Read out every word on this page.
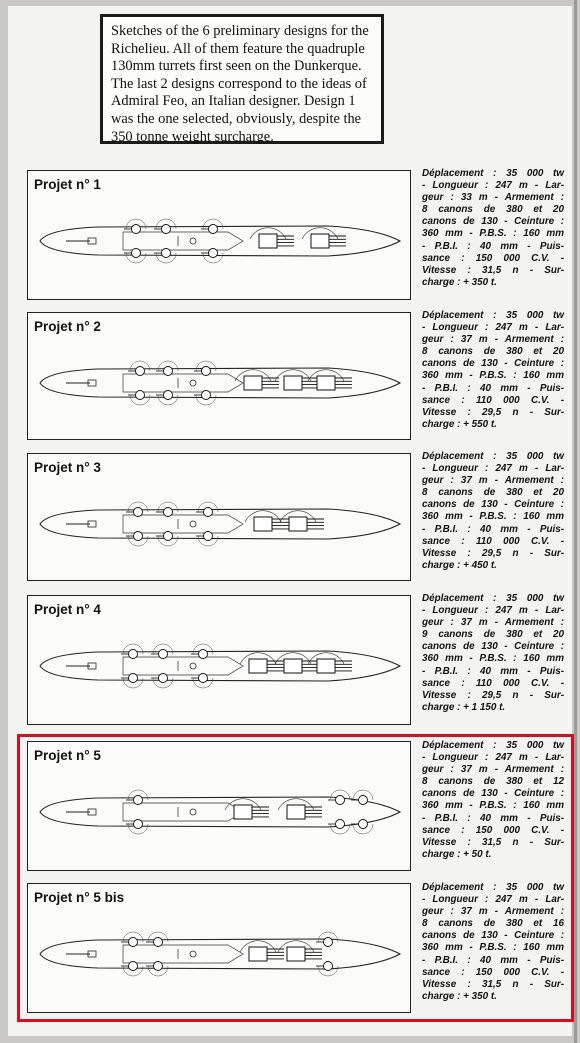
Sketches of the 6 preliminary designs for the
Richelieu. All of them feature the quadruple
130mm turrets first seen on the Dunkerque.
The last 2 designs correspond to the ideas of
Admiral Feo, an Italian designer. Design 1
was the one selected, obviously, despite the
350 tonne weight surcharge.
Projet n° 1
Projet n° 2
Projet n° 3
Projet n° 4
Projet n° 5
Projet n° 5 bis
Déplacement : 35 000 tw
- Longueur : 247 m - Lar-
geur : 33 m - Armement :
8 canons de 380 et 20
canons de 130 - Ceinture :
360 mm - P.B.S. : 160 mm
- P.B.I. : 40 mm - Puis-
sance : 150 000 C.V. -
Vitesse : 31,5 n - Sur-
charge : + 350 t.
Déplacement : 35 000 tw
- Longueur : 247 m - Lar-
geur : 37 m - Armement :
8 canons de 380 et 20
canons de 130 - Ceinture :
360 mm - P.B.S. : 160 mm
- P.B.I. : 40 mm - Puis-
sance : 110 000 C.V. -
Vitesse : 29,5 n - Sur-
charge : + 550 t.
Déplacement : 35 000 tw
- Longueur : 247 m - Lar-
geur : 37 m - Armement :
8 canons de 380 et 20
canons de 130 - Ceinture :
360 mm - P.B.S. : 160 mm
- P.B.I. : 40 mm - Puis-
sance : 110 000 C.V. -
Vitesse : 29,5 n - Sur-
charge : + 450 t.
Déplacement : 35 000 tw
- Longueur : 247 m - Lar-
geur : 37 m - Armement :
9 canons de 380 et 20
canons de 130 - Ceinture :
360 mm - P.B.S. : 160 mm
- P.B.I. : 40 mm - Puis-
sance : 110 000 C.V. -
Vitesse : 29,5 n - Sur-
charge : + 1 150 t.
Déplacement : 35 000 tw
- Longueur : 247 m - Lar-
geur : 37 m - Armement :
8 canons de 380 et 12
canons de 130 - Ceinture :
360 mm - P.B.S. : 160 mm
- P.B.I. : 40 mm - Puis-
sance : 150 000 C.V. -
Vitesse : 31,5 n - Sur-
charge : + 50 t.
Déplacement : 35 000 tw
- Longueur : 247 m - Lar-
geur : 37 m - Armement :
8 canons de 380 et 16
canons de 130 - Ceinture :
360 mm - P.B.S. : 160 mm
- P.B.I. : 40 mm - Puis-
sance : 150 000 C.V. -
Vitesse : 31,5 n - Sur-
charge : + 350 t.
